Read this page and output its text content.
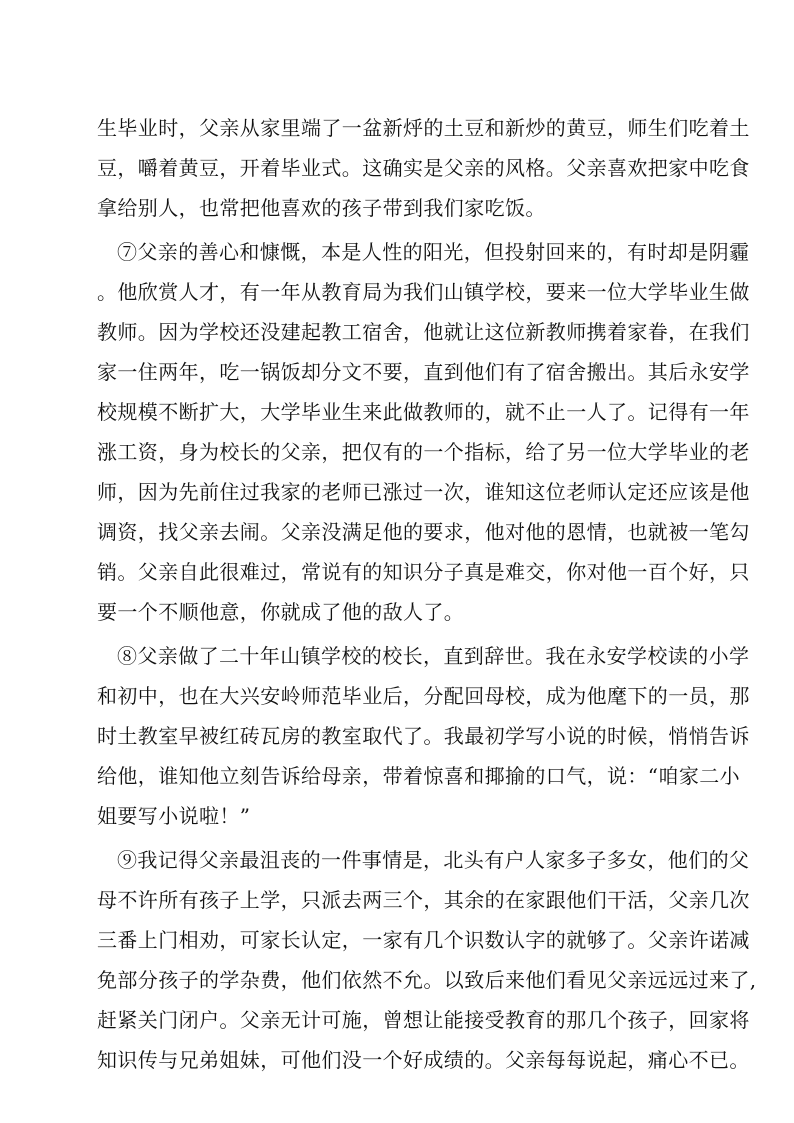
生毕业时，父亲从家里端了一盆新烀的土豆和新炒的黄豆，师生们吃着土
豆，嚼着黄豆，开着毕业式。这确实是父亲的风格。父亲喜欢把家中吃食
拿给别人，也常把他喜欢的孩子带到我们家吃饭。
⑦父亲的善心和慷慨，本是人性的阳光，但投射回来的，有时却是阴霾
。他欣赏人才，有一年从教育局为我们山镇学校，要来一位大学毕业生做
教师。因为学校还没建起教工宿舍，他就让这位新教师携着家眷，在我们
家一住两年，吃一锅饭却分文不要，直到他们有了宿舍搬出。其后永安学
校规模不断扩大，大学毕业生来此做教师的，就不止一人了。记得有一年
涨工资，身为校长的父亲，把仅有的一个指标，给了另一位大学毕业的老
师，因为先前住过我家的老师已涨过一次，谁知这位老师认定还应该是他
调资，找父亲去闹。父亲没满足他的要求，他对他的恩情，也就被一笔勾
销。父亲自此很难过，常说有的知识分子真是难交，你对他一百个好，只
要一个不顺他意，你就成了他的敌人了。
⑧父亲做了二十年山镇学校的校长，直到辞世。我在永安学校读的小学
和初中，也在大兴安岭师范毕业后，分配回母校，成为他麾下的一员，那
时土教室早被红砖瓦房的教室取代了。我最初学写小说的时候，悄悄告诉
给他，谁知他立刻告诉给母亲，带着惊喜和揶揄的口气，说：“咱家二小
姐要写小说啦！”
⑨我记得父亲最沮丧的一件事情是，北头有户人家多子多女，他们的父
母不许所有孩子上学，只派去两三个，其余的在家跟他们干活，父亲几次
三番上门相劝，可家长认定，一家有几个识数认字的就够了。父亲许诺减
免部分孩子的学杂费，他们依然不允。以致后来他们看见父亲远远过来了,
赶紧关门闭户。父亲无计可施，曾想让能接受教育的那几个孩子，回家将
知识传与兄弟姐妹，可他们没一个好成绩的。父亲每每说起，痛心不已。
